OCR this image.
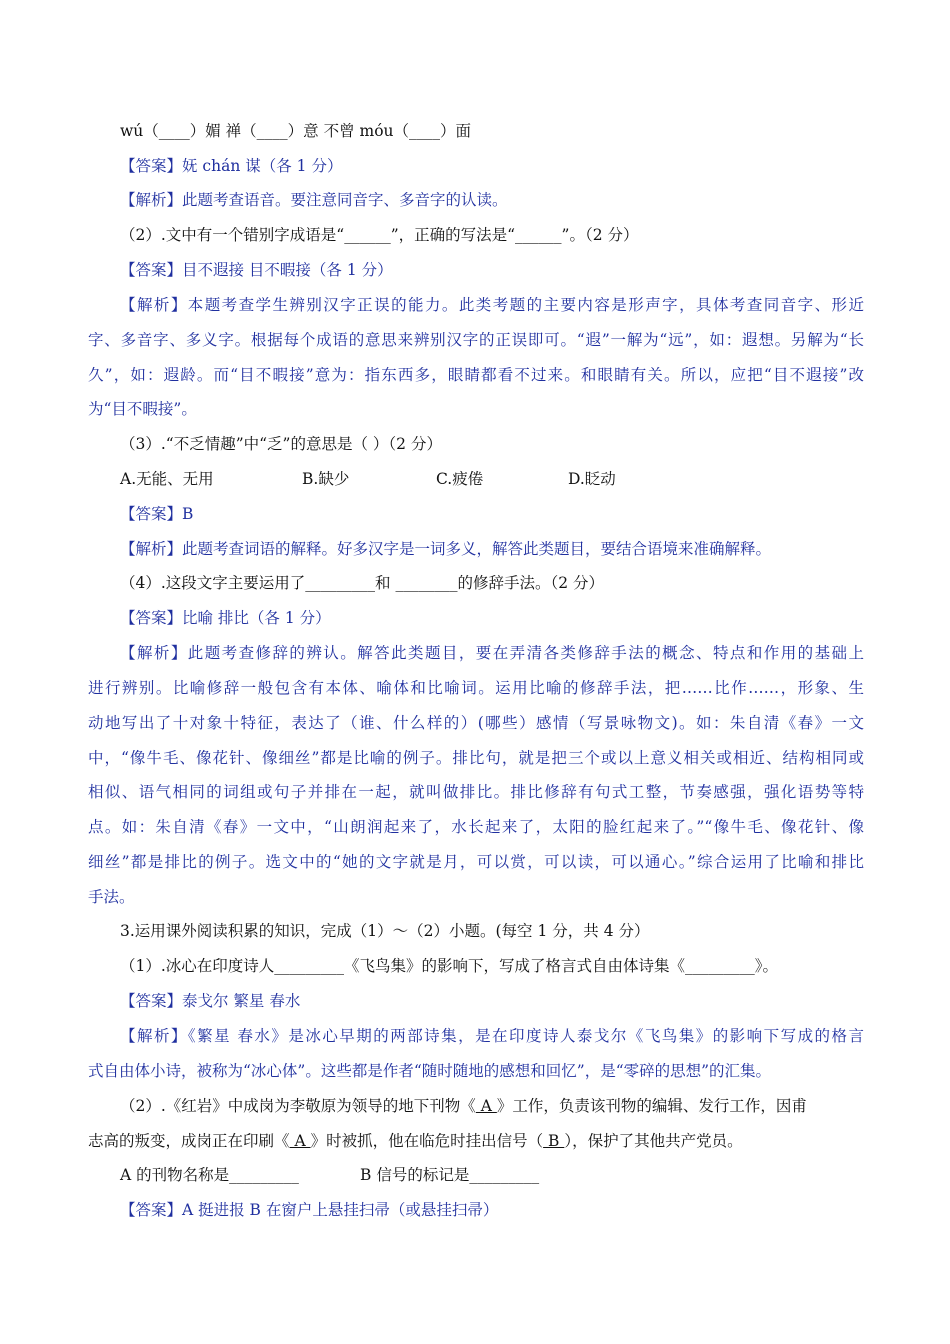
wú（____）媚 禅（____）意 不曾 móu（____）面
【答案】妩 chán 谋（各 1 分）
【解析】此题考查语音。要注意同音字、多音字的认读。
（2）.文中有一个错别字成语是“______”，正确的写法是“______”。（2 分）
【答案】目不遐接 目不暇接（各 1 分）
【解析】本题考查学生辨别汉字正误的能力。此类考题的主要内容是形声字，具体考查同音字、形近
字、多音字、多义字。根据每个成语的意思来辨别汉字的正误即可。“遐”一解为“远”，如：遐想。另解为“长
久”，如：遐龄。而“目不暇接”意为：指东西多，眼睛都看不过来。和眼睛有关。所以，应把“目不遐接”改
为“目不暇接”。
（3）.“不乏情趣”中“乏”的意思是（ ）（2 分）
A.无能、无用	B.缺少	C.疲倦	D.眨动
【答案】B
【解析】此题考查词语的解释。好多汉字是一词多义，解答此类题目，要结合语境来准确解释。
（4）.这段文字主要运用了_________和 ________的修辞手法。（2 分）
【答案】比喻 排比（各 1 分）
【解析】此题考查修辞的辨认。解答此类题目，要在弄清各类修辞手法的概念、特点和作用的基础上
进行辨别。比喻修辞一般包含有本体、喻体和比喻词。运用比喻的修辞手法，把……比作……，形象、生
动地写出了十对象十特征，表达了（谁、什么样的）(哪些）感情（写景咏物文)。如：朱自清《春》一文
中，“像牛毛、像花针、像细丝”都是比喻的例子。排比句，就是把三个或以上意义相关或相近、结构相同或
相似、语气相同的词组或句子并排在一起，就叫做排比。排比修辞有句式工整，节奏感强，强化语势等特
点。如：朱自清《春》一文中，“山朗润起来了，水长起来了，太阳的脸红起来了。”“像牛毛、像花针、像
细丝”都是排比的例子。选文中的“她的文字就是月，可以赏，可以读，可以通心。”综合运用了比喻和排比
手法。
3.运用课外阅读积累的知识，完成（1）～（2）小题。(每空 1 分，共 4 分）
（1）.冰心在印度诗人_________《飞鸟集》的影响下，写成了格言式自由体诗集《_________》。
【答案】泰戈尔 繁星 春水
【解析】《繁星 春水》是冰心早期的两部诗集，是在印度诗人泰戈尔《飞鸟集》的影响下写成的格言
式自由体小诗，被称为“冰心体”。这些都是作者“随时随地的感想和回忆”，是“零碎的思想”的汇集。
（2）.《红岩》中成岗为李敬原为领导的地下刊物《 A 》工作，负责该刊物的编辑、发行工作，因甫
志高的叛变，成岗正在印刷《 A 》时被抓，他在临危时挂出信号（ B ），保护了其他共产党员。
A 的刊物名称是_________	B 信号的标记是_________
【答案】A 挺进报 B 在窗户上悬挂扫帚（或悬挂扫帚）
